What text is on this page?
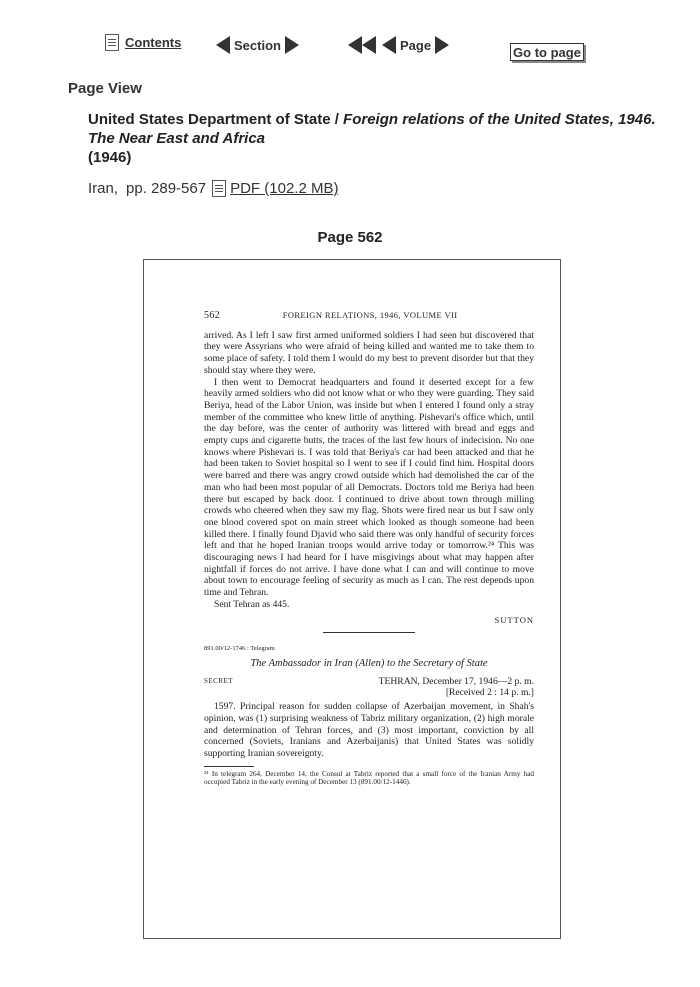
Contents	Section	Page	Go to page
Page View
United States Department of State / Foreign relations of the United States, 1946. The Near East and Africa
(1946)
Iran, pp. 289-567 PDF (102.2 MB)
Page 562
562	FOREIGN RELATIONS, 1946, VOLUME VII

arrived. As I left I saw first armed uniformed soldiers I had seen but discovered that they were Assyrians who were afraid of being killed and wanted me to take them to some place of safety. I told them I would do my best to prevent disorder but that they should stay where they were.

I then went to Democrat headquarters and found it deserted except for a few heavily armed soldiers who did not know what or who they were guarding. They said Beriya, head of the Labor Union, was inside but when I entered I found only a stray member of the committee who knew little of anything. Pishevari's office which, until the day before, was the center of authority was littered with bread and eggs and empty cups and cigarette butts, the traces of the last few hours of indecision. No one knows where Pishevari is. I was told that Beriya's car had been attacked and that he had been taken to Soviet hospital so I went to see if I could find him. Hospital doors were barred and there was angry crowd outside which had demolished the car of the man who had been most popular of all Democrats. Doctors told me Beriya had been there but escaped by back door. I continued to drive about town through milling crowds who cheered when they saw my flag. Shots were fired near us but I saw only one blood covered spot on main street which looked as though someone had been killed there. I finally found Djavid who said there was only handful of security forces left and that he hoped Iranian troops would arrive today or tomorrow.²⁴ This was discouraging news I had heard for I have misgivings about what may happen after nightfall if forces do not arrive. I have done what I can and will continue to move about town to encourage feeling of security as much as I can. The rest depends upon time and Tehran.

Sent Tehran as 445.

SUTTON

891.00/12-1746 : Telegram
The Ambassador in Iran (Allen) to the Secretary of State
SECRET	TEHRAN, December 17, 1946—2 p. m.
[Received 2 : 14 p. m.]

1597. Principal reason for sudden collapse of Azerbaijan movement, in Shah's opinion, was (1) surprising weakness of Tabriz military organization, (2) high morale and determination of Tehran forces, and (3) most important, conviction by all concerned (Soviets, Iranians and Azerbaijanis) that United States was solidly supporting Iranian sovereignty.

²⁴ In telegram 264, December 14, the Consul at Tabriz reported that a small force of the Iranian Army had occupied Tabriz in the early evening of December 13 (891.00/12-1446).
